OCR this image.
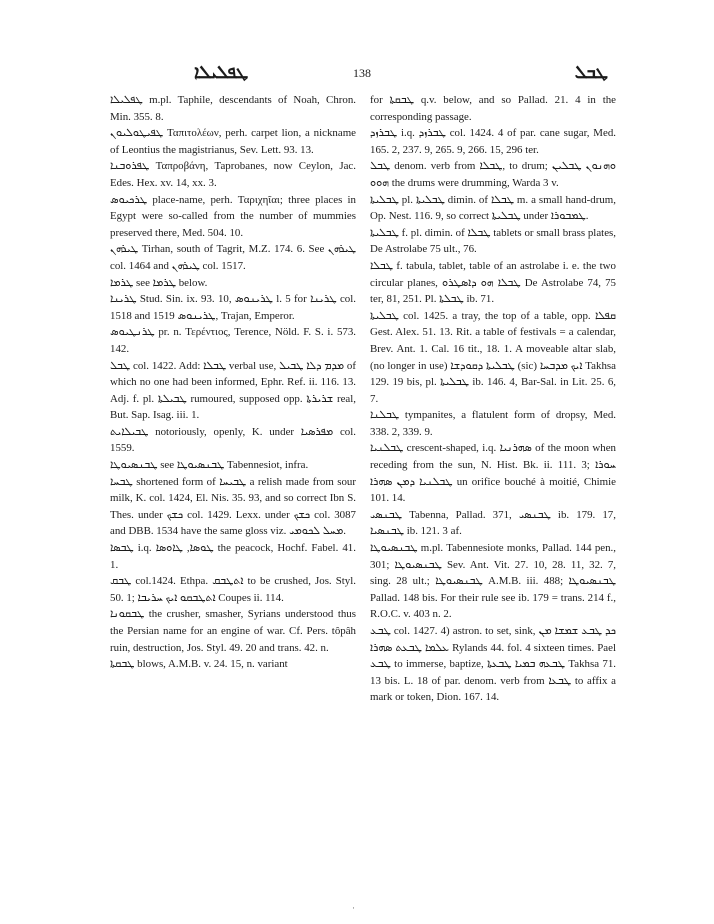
ܛܦܠܝܠܐ	138	ܛܒܠ

ܛܦܠܝܠܐ m.pl. Taphile, descendants of Noah, Chron. Min. 355. 8.

ܛܦܝܛܘܠܝܘܢ Ταπιτολέων, perh. carpet lion, a nickname of Leontius the magistrianus, Sev. Lett. 93. 13.

ܛܦܪܘܒܢܐ Ταπροβάνη, Taprobanes, now Ceylon, Jac. Edes. Hex. xv. 14, xx. 3.

ܛܪܟܝܘܣ place-name, perh. Ταριχηῖαι; three places in Egypt were so-called from the number of mummies preserved there, Med. 504. 10.

ܛܝܪܗܢ Tirhan, south of Tagrit, M.Z. 174. 6. See ܛܝܪܗܢ col. 1464 and ܛܝܪܗܢ col. 1517.

ܛܪܡܐ see ܛܪܡܐ below.

ܛܪܝܢܐ Stud. Sin. ix. 93. 10, ܛܪܝܢܘܣ l. 5 for ܛܪܝܢܐ col. 1518 and ܛܪܝܢܘܣ 1519, Trajan, Emperor.

ܛܪܢܛܝܘܣ pr. n. Τερέντιος, Terence, Nöld. F. S. i. 573. 142.

ܛܒܠ col. 1422. Add: ܛܒܠܐ verbal use, ܡܕܡ ܕܠܐ ܛܒܝܠ of which no one had been informed, Ephr. Ref. ii. 116. 13. Adj. f. pl. ܛܒܝܠܬܐ rumoured, supposed opp. ܫܪܝܪܬܐ real, But. Sap. Isag. iii. 1.

ܛܒܝܠܐܝܬ notoriously, openly, K. under ܡܦܪܣܝܐ col. 1559.

ܛܒܢܣܝܘܛܐ see ܛܒܢܣܝܘܛܐ Tabennesiot, infra.

ܛܒܚܐ shortened form of ܛܒܝܚܐ a relish made from sour milk, K. col. 1424, El. Nis. 35. 93, and so correct Ibn S. Thes. under ܟܫܟ col. 1429. Lexx. under ܟܫܟ col. 3087 and DBB. 1534 have the same gloss viz. ܡܚܠ ܠܟܘܡܝ.

ܛܒܣܐ i.q. ܛܘܣܐ, ܛܐܘܣܐ the peacock, Hochf. Fabel. 41. 1.

ܛܒܩ col.1424. Ethpa. ܐܬܛܒܩ to be crushed, Jos. Styl. 50. 1; ܐܬܛܒܩܘ ܐܝܟ ܚܪܝܒܐ Coupes ii. 114.

ܛܒܩܘܢܐ the crusher, smasher, Syrians understood thus the Persian name for an engine of war. Cf. Pers. tôpâh ruin, destruction, Jos. Styl. 49. 20 and trans. 42. n.

ܛܒܩܬܐ blows, A.M.B. v. 24. 15, n. variant

for ܛܒܩܬܐ q.v. below, and so Pallad. 21. 4 in the corresponding passage.

ܛܒܪܙܕ i.q. ܛܒܪܙܕ col. 1424. 4 of par. cane sugar, Med. 165. 2, 237. 9, 265. 9, 266. 15, 296 ter.

ܛܒܠ denom. verb from ܛܒܠܐ, to drum; ܘܗܢܘܢ ܛܒܠܝܢ ܗܘܘ the drums were drumming, Warda 3 v.

ܛܒܠܝܬܐ pl. ܛܒܠܝܬܐ dimin. of ܛܒܠܐ m. a small hand-drum, Op. Nest. 116. 9, so correct ܛܒܠܝܬܐ under ܛܡܒܘܪܐ.

ܛܒܠܝܬܐ f. pl. dimin. of ܛܒܠܐ tablets or small brass plates, De Astrolabe 75 ult., 76.

ܛܒܠܐ f. tabula, tablet, table of an astrolabe i. e. the two circular planes, ܛܒܠܐ ܗܘ ܕܐܣܛܪܘ De Astrolabe 74, 75 ter, 81, 251. Pl. ܛܒܠܬܐ ib. 71.

ܛܒܠܝܬܐ col. 1425. a tray, the top of a table, opp. ܩܦܠܐ Gest. Alex. 51. 13. Rit. a table of festivals = a calendar, Brev. Ant. 1. Cal. 16 tit., 18. 1. A moveable altar slab, (no longer in use) ܛܒܠܝܬܐ ܕܩܘܕܫܐ (sic) ܐܝܟ ܡܕܒܚܐ Takhsa 129. 19 bis, pl. ܛܒܠܝܬܐ ib. 146. 4, Bar-Sal. in Lit. 25. 6, 7.

ܛܒܠܢܐ tympanites, a flatulent form of dropsy, Med. 338. 2, 339. 9.

ܛܒܠܢܝܐ crescent-shaped, i.q. ܣܗܪܢܝܐ of the moon when receding from the sun, N. Hist. Bk. ii. 111. 3; ܚܘܪܐ ܛܒܠܢܝܐ ܕܡܢ ܣܗܪܐ un orifice bouché à moitié, Chimie 101. 14.

ܛܒܢܣܝ Tabenna, Pallad. 371, ܛܒܢܣܝ ib. 179. 17, ܛܒܢܣܝܐ ib. 121. 3 af.

ܛܒܢܣܝܘܛܐ m.pl. Tabennesiote monks, Pallad. 144 pen., 301; ܛܒܢܣܝܘܛܐ Sev. Ant. Vit. 27. 10, 28. 11, 32. 7, sing. 28 ult.; ܛܒܢܣܝܘܛܐ A.M.B. iii. 488; ܛܒܢܣܝܘܛܐ Pallad. 148 bis. For their rule see ib. 179 = trans. 214 f., R.O.C. v. 403 n. 2.

ܛܒܥ col. 1427. 4) astron. to set, sink, ܟܕ ܛܒܥ ܫܡܫܐ ܡܢ ܥܠܡܐ ܛܒܥܬ ܣܗܪܐ Rylands 44. fol. 4 sixteen times. Pael ܛܒܥ to immerse, baptize, ܛܒܥܗ ܒܡܝܐ ܛܒܥܬܐ Takhsa 71. 13 bis. L. 18 of par. denom. verb from ܛܒܥܐ to affix a mark or token, Dion. 167. 14.

·
